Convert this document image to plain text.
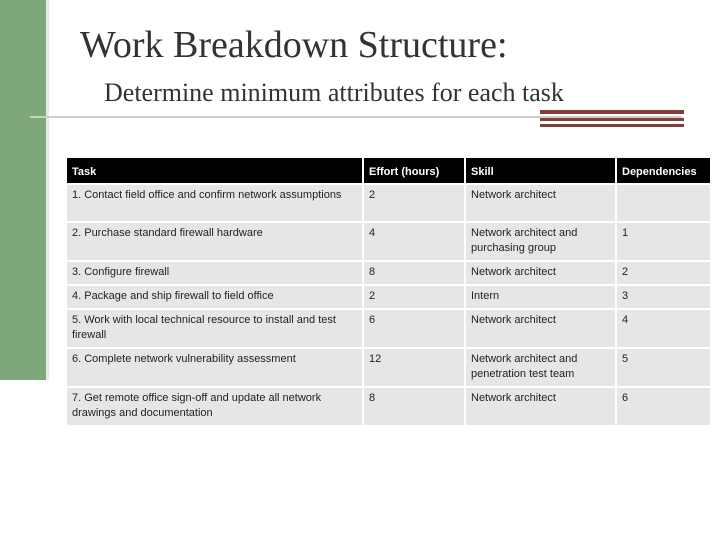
Work Breakdown Structure:
Determine minimum attributes for each task
Task	Effort (hours)	Skill	Dependencies
1. Contact field office and confirm network assumptions	2	Network architect	
2. Purchase standard firewall hardware	4	Network architect and purchasing group	1
3. Configure firewall	8	Network architect	2
4. Package and ship firewall to field office	2	Intern	3
5. Work with local technical resource to install and test firewall	6	Network architect	4
6. Complete network vulnerability assessment	12	Network architect and penetration test team	5
7. Get remote office sign-off and update all network drawings and documentation	8	Network architect	6
